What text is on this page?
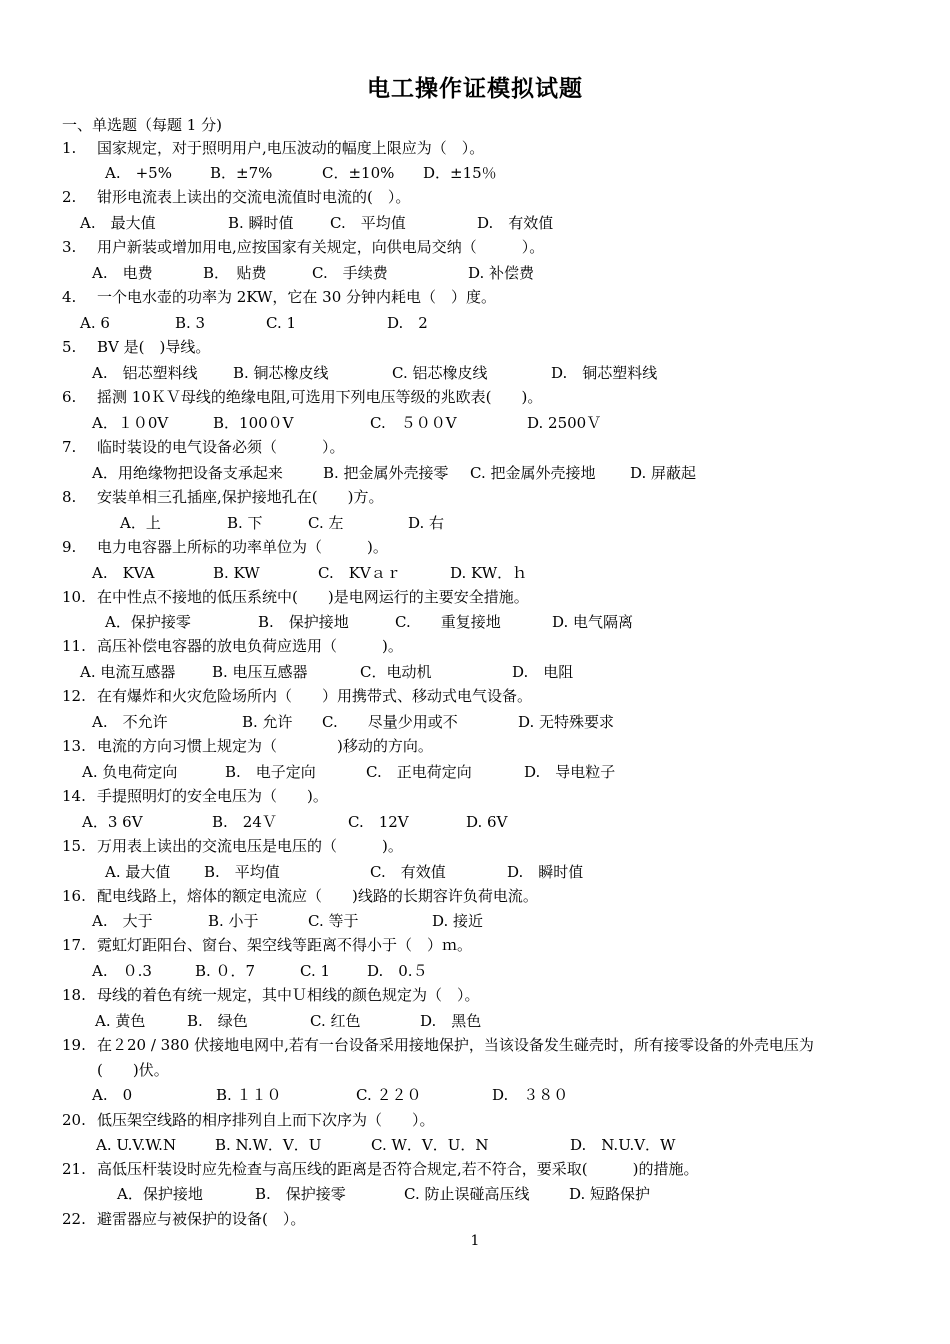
电工操作证模拟试题
一、单选题（每题 1 分)
1. 国家规定，对于照明用户,电压波动的幅度上限应为（　）。
A.　+5%	B．±7%	C．±10% D．±15％
2. 钳形电流表上读出的交流电流值时电流的(　）。
A.　最大值	B. 瞬时值 C.　平均值	D.　有效值
3. 用户新装或增加用电,应按国家有关规定，向供电局交纳（　　　）。
A.　电费	B．　贴费	C.　手续费	D. 补偿费
4. 一个电水壶的功率为 2KW，它在 30 分钟内耗电（　）度。
A. 6	B. 3	C. 1	D.　2
5. BV 是(　)导线。
A.　铝芯塑料线 B. 铜芯橡皮线	C. 铝芯橡皮线	D.　铜芯塑料线
6. 摇测 10ＫＶ母线的绝缘电阻,可选用下列电压等级的兆欧表(　　)。
A．１０0V	B．100０V	C.　５００V	D. 2500Ｖ
7. 临时装设的电气设备必须（　　　）。
A．用绝缘物把设备支承起来	B. 把金属外壳接零 C. 把金属外壳接地 D. 屏蔽起
8. 安装单相三孔插座,保护接地孔在(　　)方。
A．上	B. 下	C. 左	D. 右
9. 电力电容器上所标的功率单位为（　　　)。
A.　KVA	B. KW	C.　KVａｒ	D. KW．ｈ
10. 在中性点不接地的低压系统中(　　)是电网运行的主要安全措施。
A．保护接零	B.　保护接地	C.　　重复接地	D. 电气隔离
11. 高压补偿电容器的放电负荷应选用（　　　)。
A. 电流互感器 B. 电压互感器	C．电动机	D.　电阻
12. 在有爆炸和火灾危险场所内（　　）用携带式、移动式电气设备。
A.　不允许	B. 允许 C.　　尽量少用或不	D. 无特殊要求
13. 电流的方向习惯上规定为（　　　　)移动的方向。
A. 负电荷定向	B.　电子定向	C.　正电荷定向	D.　导电粒子
14. 手提照明灯的安全电压为（　　)。
A．3 6V	B.　24Ｖ	C.　12V	D. 6V
15. 万用表上读出的交流电压是电压的（　　　)。
A. 最大值 B.　平均值	C.　有效值	D.　瞬时值
16. 配电线路上，熔体的额定电流应（　　)线路的长期容许负荷电流。
A.　大于	B. 小于	C. 等于	D. 接近
17. 霓虹灯距阳台、窗台、架空线等距离不得小于（　）ｍ。
A.　０.3	B. ０．7	C. 1 D.　0.５
18. 母线的着色有统一规定，其中Ｕ相线的颜色规定为（　）。
A. 黄色	B.　绿色	C. 红色	D.　黑色
19. 在２20 / 380 伏接地电网中,若有一台设备采用接地保护，当该设备发生碰壳时，所有接零设备的外壳电压为
(　　)伏。
A.　0	B. １１０	C. ２２０	D.　３８０
20. 低压架空线路的相序排列自上而下次序为（　　）。
A. U.V.W.N	B. N.W．V．U	C. W．V．U．N	D.　N.U.V．W
21. 高低压杆装设时应先检查与高压线的距离是否符合规定,若不符合，要采取(　　　)的措施。
A．保护接地	B.　保护接零	C. 防止误碰高压线	D. 短路保护
22. 避雷器应与被保护的设备(　）。
1
